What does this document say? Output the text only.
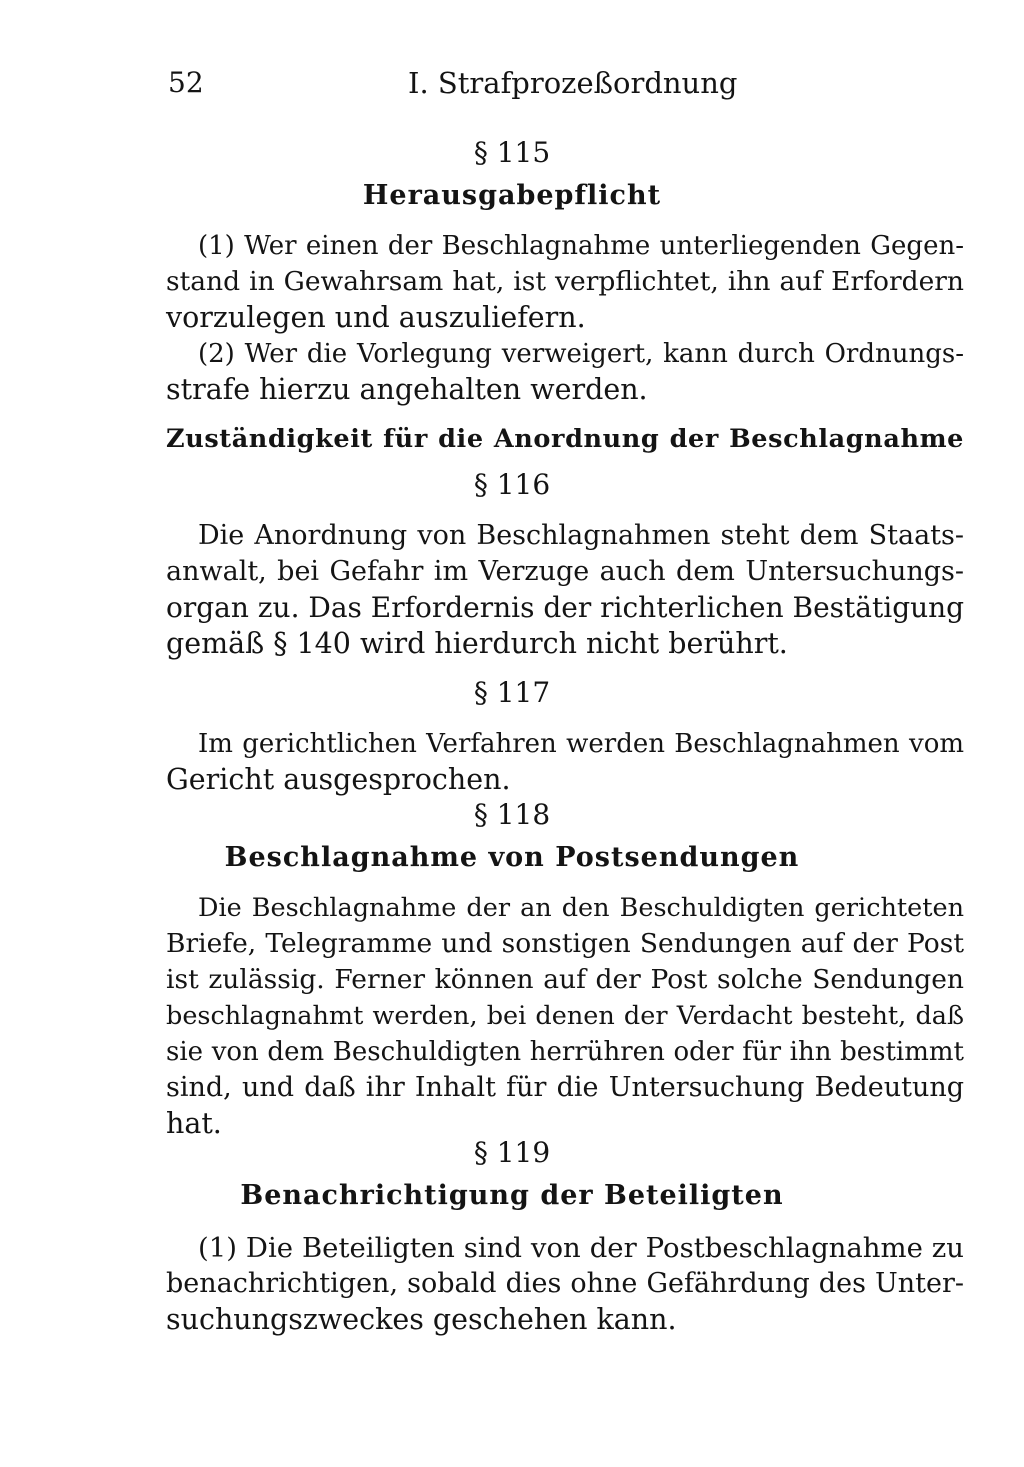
52	I. Strafprozeßordnung
§ 115
Herausgabepflicht
(1) Wer einen der Beschlagnahme unterliegenden Gegen-
stand in Gewahrsam hat, ist verpflichtet, ihn auf Erfordern
vorzulegen und auszuliefern.
(2) Wer die Vorlegung verweigert, kann durch Ordnungs-
strafe hierzu angehalten werden.
Zuständigkeit für die Anordnung der Beschlagnahme
§ 116
Die Anordnung von Beschlagnahmen steht dem Staats-
anwalt, bei Gefahr im Verzuge auch dem Untersuchungs-
organ zu. Das Erfordernis der richterlichen Bestätigung
gemäß § 140 wird hierdurch nicht berührt.
§ 117
Im gerichtlichen Verfahren werden Beschlagnahmen vom
Gericht ausgesprochen.
§ 118
Beschlagnahme von Postsendungen
Die Beschlagnahme der an den Beschuldigten gerichteten
Briefe, Telegramme und sonstigen Sendungen auf der Post
ist zulässig. Ferner können auf der Post solche Sendungen
beschlagnahmt werden, bei denen der Verdacht besteht, daß
sie von dem Beschuldigten herrühren oder für ihn bestimmt
sind, und daß ihr Inhalt für die Untersuchung Bedeutung
hat.
§ 119
Benachrichtigung der Beteiligten
(1) Die Beteiligten sind von der Postbeschlagnahme zu
benachrichtigen, sobald dies ohne Gefährdung des Unter-
suchungszweckes geschehen kann.
